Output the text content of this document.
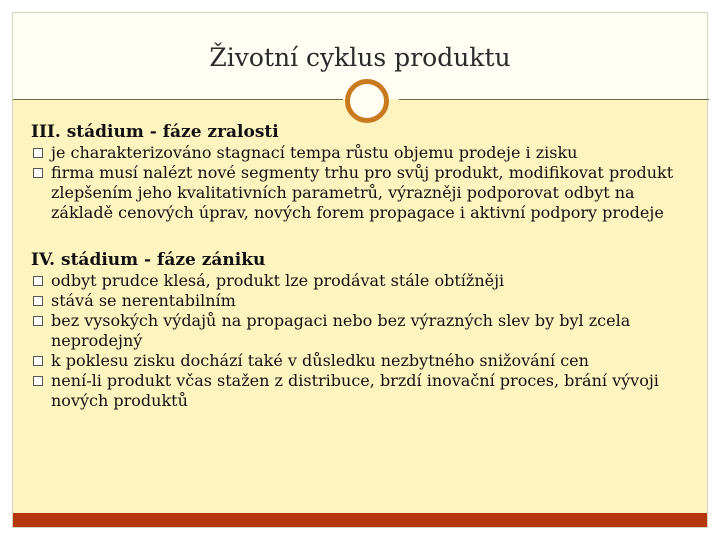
Životní cyklus produktu

III. stádium - fáze zralosti

je charakterizováno stagnací tempa růstu objemu prodeje i zisku

firma musí nalézt nové segmenty trhu pro svůj produkt, modifikovat produkt zlepšením jeho kvalitativních parametrů, výrazněji podporovat odbyt na základě cenových úprav, nových forem propagace i aktivní podpory prodeje

IV. stádium - fáze zániku

odbyt prudce klesá, produkt lze prodávat stále obtížněji

stává se nerentabilním

bez vysokých výdajů na propagaci nebo bez výrazných slev by byl zcela neprodejný

k poklesu zisku dochází také v důsledku nezbytného snižování cen

není-li produkt včas stažen z distribuce, brzdí inovační proces, brání vývoji nových produktů
